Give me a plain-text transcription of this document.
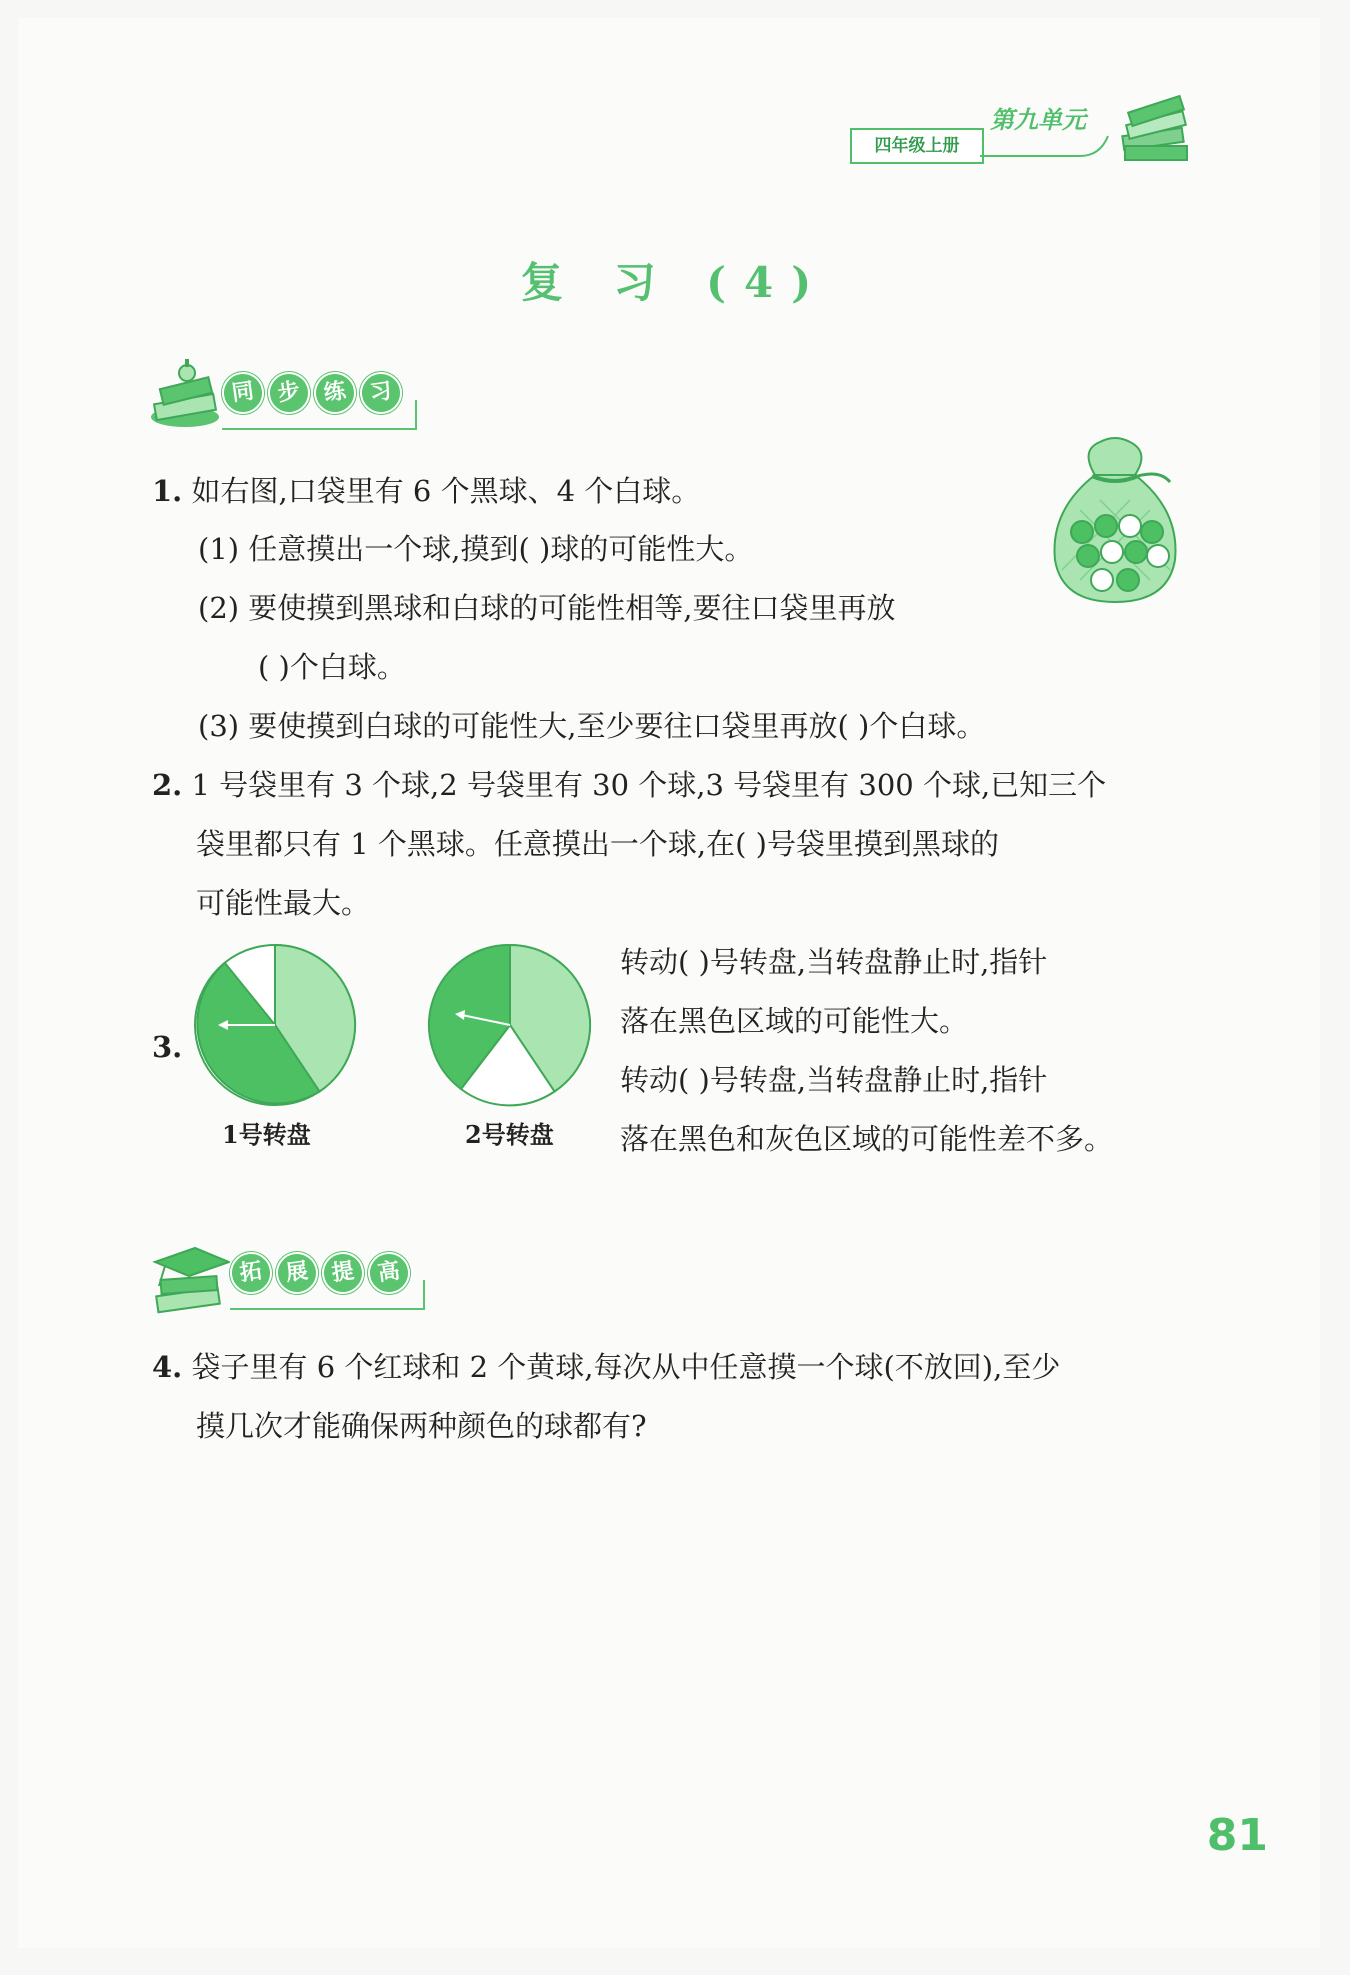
第九单元
四年级上册
复 习 (4)
同 步 练 习
1. 如右图,口袋里有 6 个黑球、4 个白球。
(1) 任意摸出一个球,摸到( )球的可能性大。
(2) 要使摸到黑球和白球的可能性相等,要往口袋里再放
( )个白球。
(3) 要使摸到白球的可能性大,至少要往口袋里再放( )个白球。
2. 1 号袋里有 3 个球,2 号袋里有 30 个球,3 号袋里有 300 个球,已知三个
袋里都只有 1 个黑球。任意摸出一个球,在( )号袋里摸到黑球的
可能性最大。
3.
1号转盘	2号转盘
转动( )号转盘,当转盘静止时,指针
落在黑色区域的可能性大。
转动( )号转盘,当转盘静止时,指针
落在黑色和灰色区域的可能性差不多。
拓 展 提 高
4. 袋子里有 6 个红球和 2 个黄球,每次从中任意摸一个球(不放回),至少
摸几次才能确保两种颜色的球都有?
81
